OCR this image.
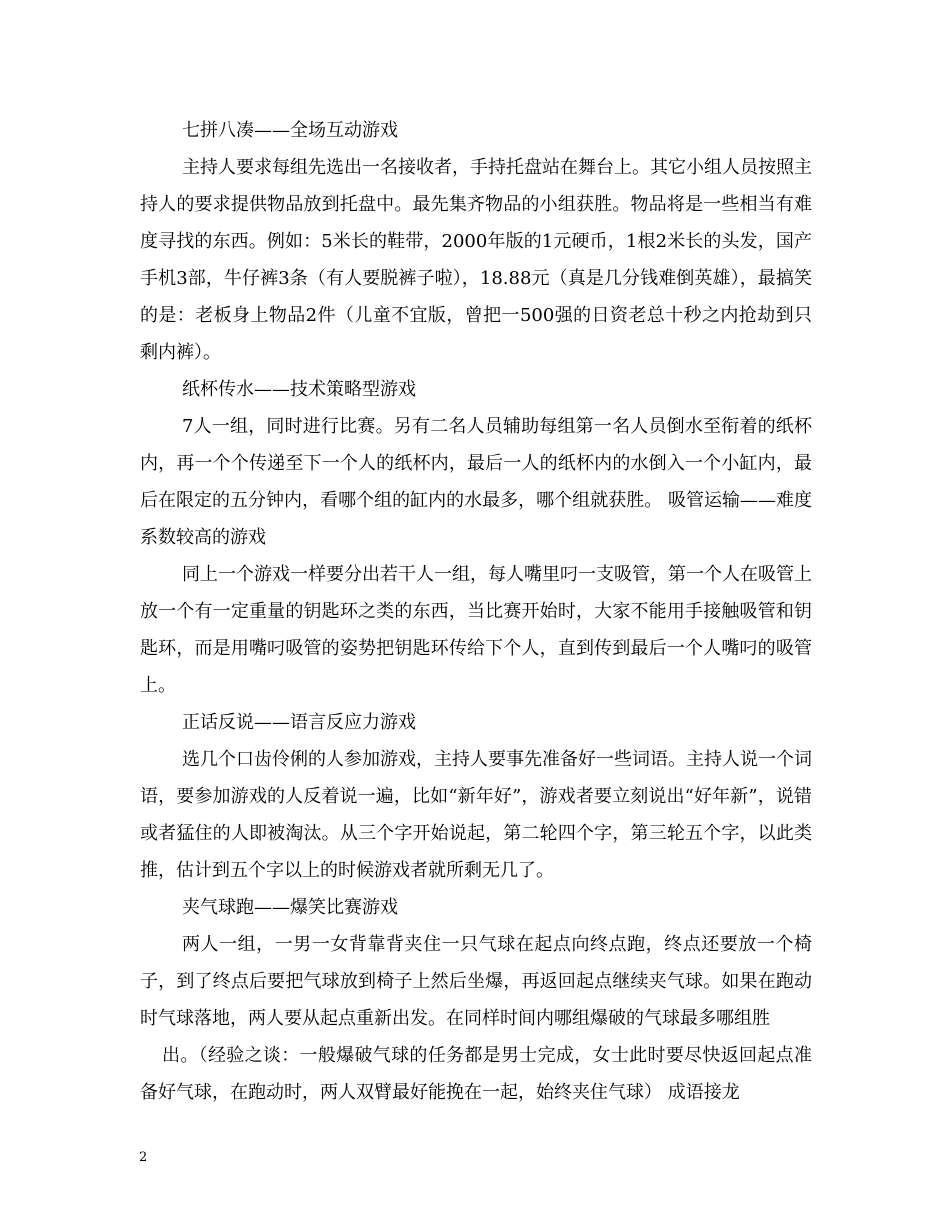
七拼八凑——全场互动游戏

主持人要求每组先选出一名接收者，手持托盘站在舞台上。其它小组人员按照主持人的要求提供物品放到托盘中。最先集齐物品的小组获胜。物品将是一些相当有难度寻找的东西。例如：5米长的鞋带，2000年版的1元硬币，1根2米长的头发，国产手机3部，牛仔裤3条（有人要脱裤子啦），18.88元（真是几分钱难倒英雄），最搞笑的是：老板身上物品2件（儿童不宜版，曾把一500强的日资老总十秒之内抢劫到只剩内裤）。

纸杯传水——技术策略型游戏

7人一组，同时进行比赛。另有二名人员辅助每组第一名人员倒水至衔着的纸杯内，再一个个传递至下一个人的纸杯内，最后一人的纸杯内的水倒入一个小缸内，最后在限定的五分钟内，看哪个组的缸内的水最多，哪个组就获胜。 吸管运输——难度系数较高的游戏

同上一个游戏一样要分出若干人一组，每人嘴里叼一支吸管，第一个人在吸管上放一个有一定重量的钥匙环之类的东西，当比赛开始时，大家不能用手接触吸管和钥匙环，而是用嘴叼吸管的姿势把钥匙环传给下个人，直到传到最后一个人嘴叼的吸管上。

正话反说——语言反应力游戏

选几个口齿伶俐的人参加游戏，主持人要事先准备好一些词语。主持人说一个词语，要参加游戏的人反着说一遍，比如“新年好”，游戏者要立刻说出“好年新”，说错或者猛住的人即被淘汰。从三个字开始说起，第二轮四个字，第三轮五个字，以此类推，估计到五个字以上的时候游戏者就所剩无几了。

夹气球跑——爆笑比赛游戏

两人一组，一男一女背靠背夹住一只气球在起点向终点跑，终点还要放一个椅子，到了终点后要把气球放到椅子上然后坐爆，再返回起点继续夹气球。如果在跑动时气球落地，两人要从起点重新出发。在同样时间内哪组爆破的气球最多哪组胜

出。（经验之谈：一般爆破气球的任务都是男士完成，女士此时要尽快返回起点准备好气球，在跑动时，两人双臂最好能挽在一起，始终夹住气球） 成语接龙

2
